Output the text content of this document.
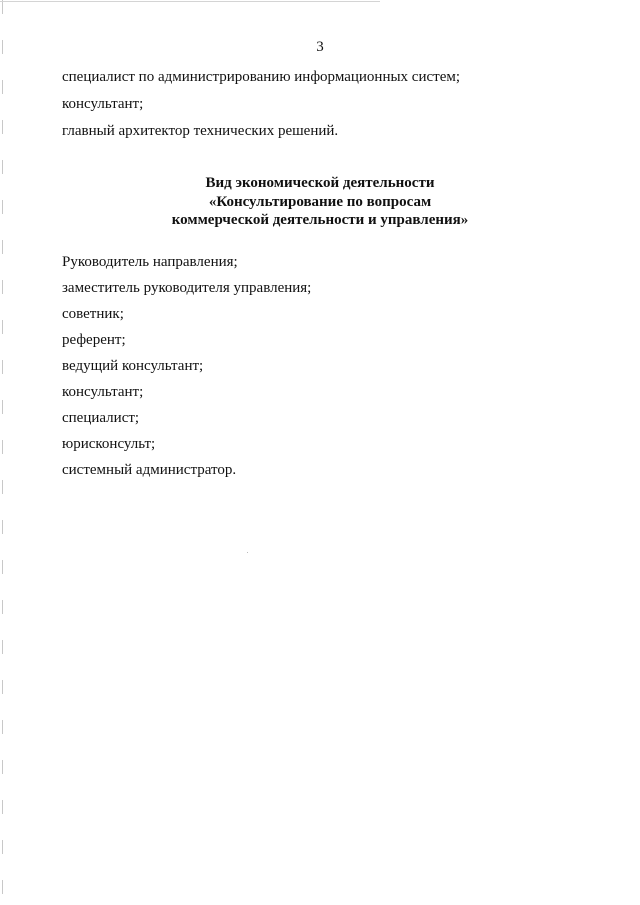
3
специалист по администрированию информационных систем;
консультант;
главный архитектор технических решений.
Вид экономической деятельности
«Консультирование по вопросам
коммерческой деятельности и управления»
Руководитель направления;
заместитель руководителя управления;
советник;
референт;
ведущий консультант;
консультант;
специалист;
юрисконсульт;
системный администратор.
